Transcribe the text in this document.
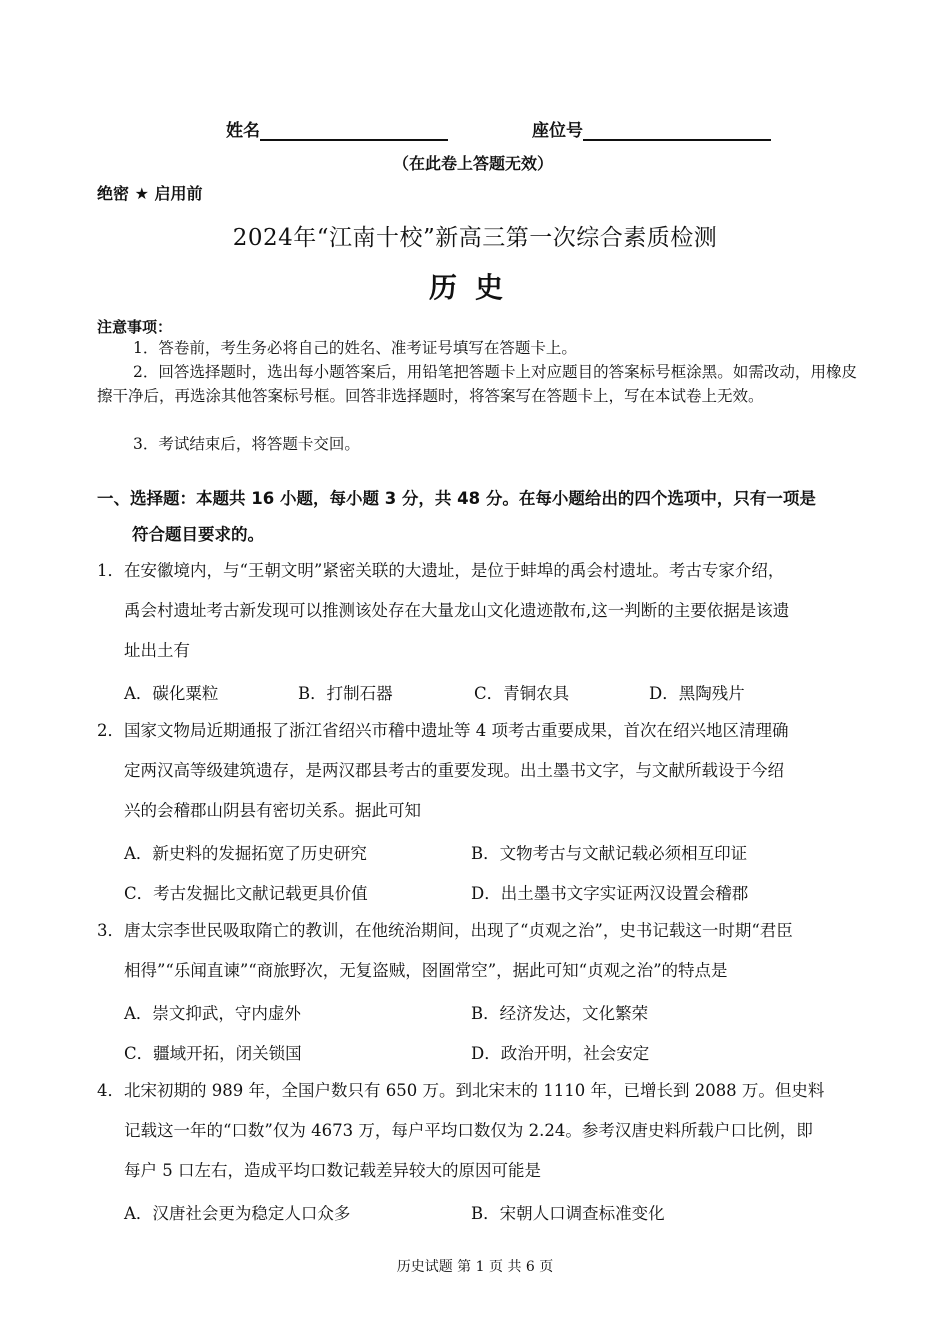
姓名	座位号
（在此卷上答题无效）
绝密 ★ 启用前
2024年“江南十校”新高三第一次综合素质检测
历史
注意事项：
1．答卷前，考生务必将自己的姓名、准考证号填写在答题卡上。
2．回答选择题时，选出每小题答案后，用铅笔把答题卡上对应题目的答案标号框涂黑。如需改动，用橡皮擦干净后，再选涂其他答案标号框。回答非选择题时，将答案写在答题卡上，写在本试卷上无效。
3．考试结束后，将答题卡交回。
一、选择题：本题共 16 小题，每小题 3 分，共 48 分。在每小题给出的四个选项中，只有一项是
符合题目要求的。
1．在安徽境内，与“王朝文明”紧密关联的大遗址，是位于蚌埠的禹会村遗址。考古专家介绍，
禹会村遗址考古新发现可以推测该处存在大量龙山文化遗迹散布,这一判断的主要依据是该遗
址出土有
A．碳化粟粒	B．打制石器	C．青铜农具	D．黑陶残片
2．国家文物局近期通报了浙江省绍兴市稽中遗址等 4 项考古重要成果，首次在绍兴地区清理确
定两汉高等级建筑遗存，是两汉郡县考古的重要发现。出土墨书文字，与文献所载设于今绍
兴的会稽郡山阴县有密切关系。据此可知
A．新史料的发掘拓宽了历史研究	B．文物考古与文献记载必须相互印证
C．考古发掘比文献记载更具价值	D．出土墨书文字实证两汉设置会稽郡
3．唐太宗李世民吸取隋亡的教训，在他统治期间，出现了“贞观之治”，史书记载这一时期“君臣
相得”“乐闻直谏”“商旅野次，无复盗贼，囹圄常空”，据此可知“贞观之治”的特点是
A．崇文抑武，守内虚外	B．经济发达，文化繁荣
C．疆域开拓，闭关锁国	D．政治开明，社会安定
4．北宋初期的 989 年，全国户数只有 650 万。到北宋末的 1110 年，已增长到 2088 万。但史料
记载这一年的“口数”仅为 4673 万，每户平均口数仅为 2.24。参考汉唐史料所载户口比例，即
每户 5 口左右，造成平均口数记载差异较大的原因可能是
A．汉唐社会更为稳定人口众多	B．宋朝人口调查标准变化
历史试题 第 1 页 共 6 页
